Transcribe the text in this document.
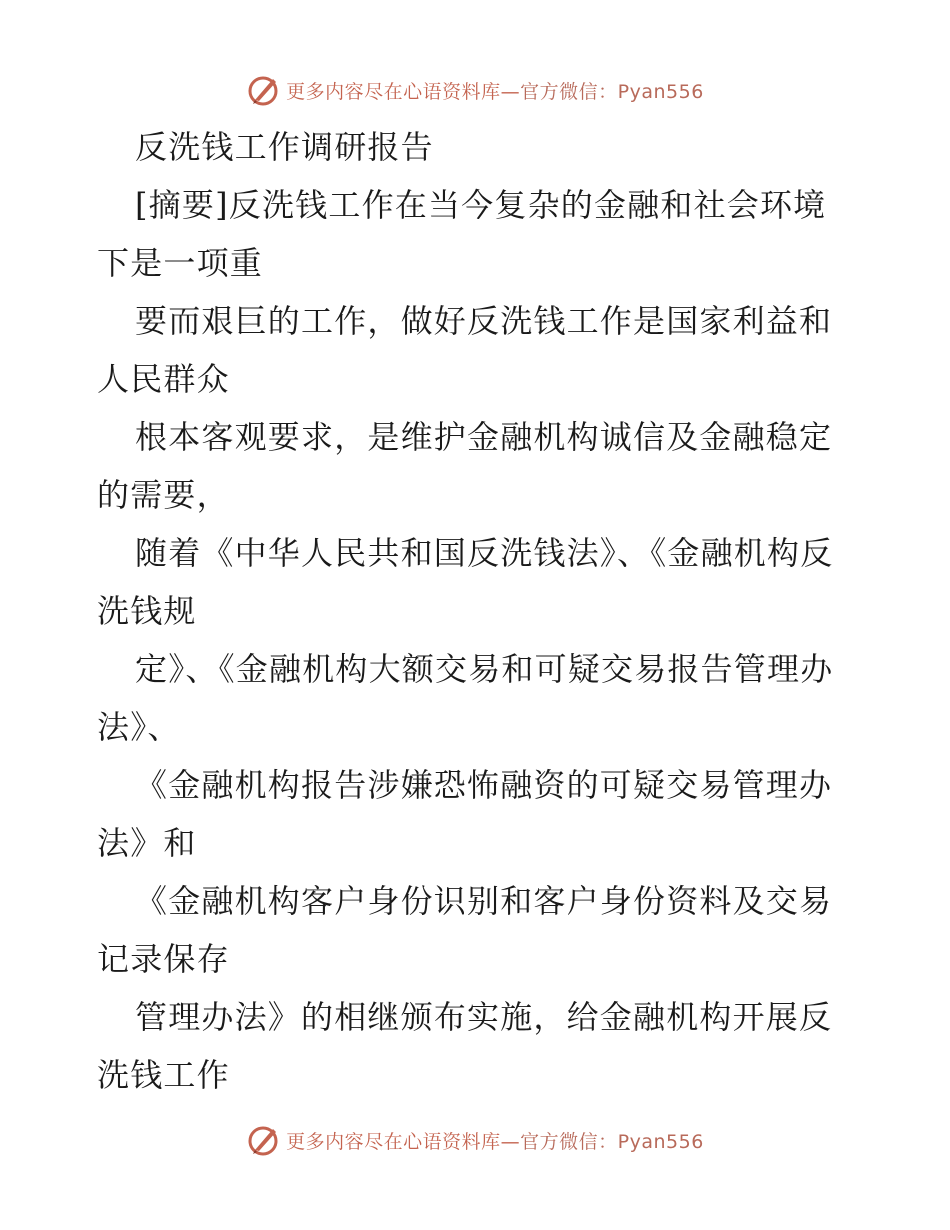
更多内容尽在心语资料库—官方微信：Pyan556

反洗钱工作调研报告

[摘要]反洗钱工作在当今复杂的金融和社会环境下是一项重

要而艰巨的工作，做好反洗钱工作是国家利益和人民群众

根本客观要求，是维护金融机构诚信及金融稳定的需要，

随着《中华人民共和国反洗钱法》、《金融机构反洗钱规

定》、《金融机构大额交易和可疑交易报告管理办法》、

《金融机构报告涉嫌恐怖融资的可疑交易管理办法》和

《金融机构客户身份识别和客户身份资料及交易记录保存

管理办法》的相继颁布实施，给金融机构开展反洗钱工作

更多内容尽在心语资料库—官方微信：Pyan556
